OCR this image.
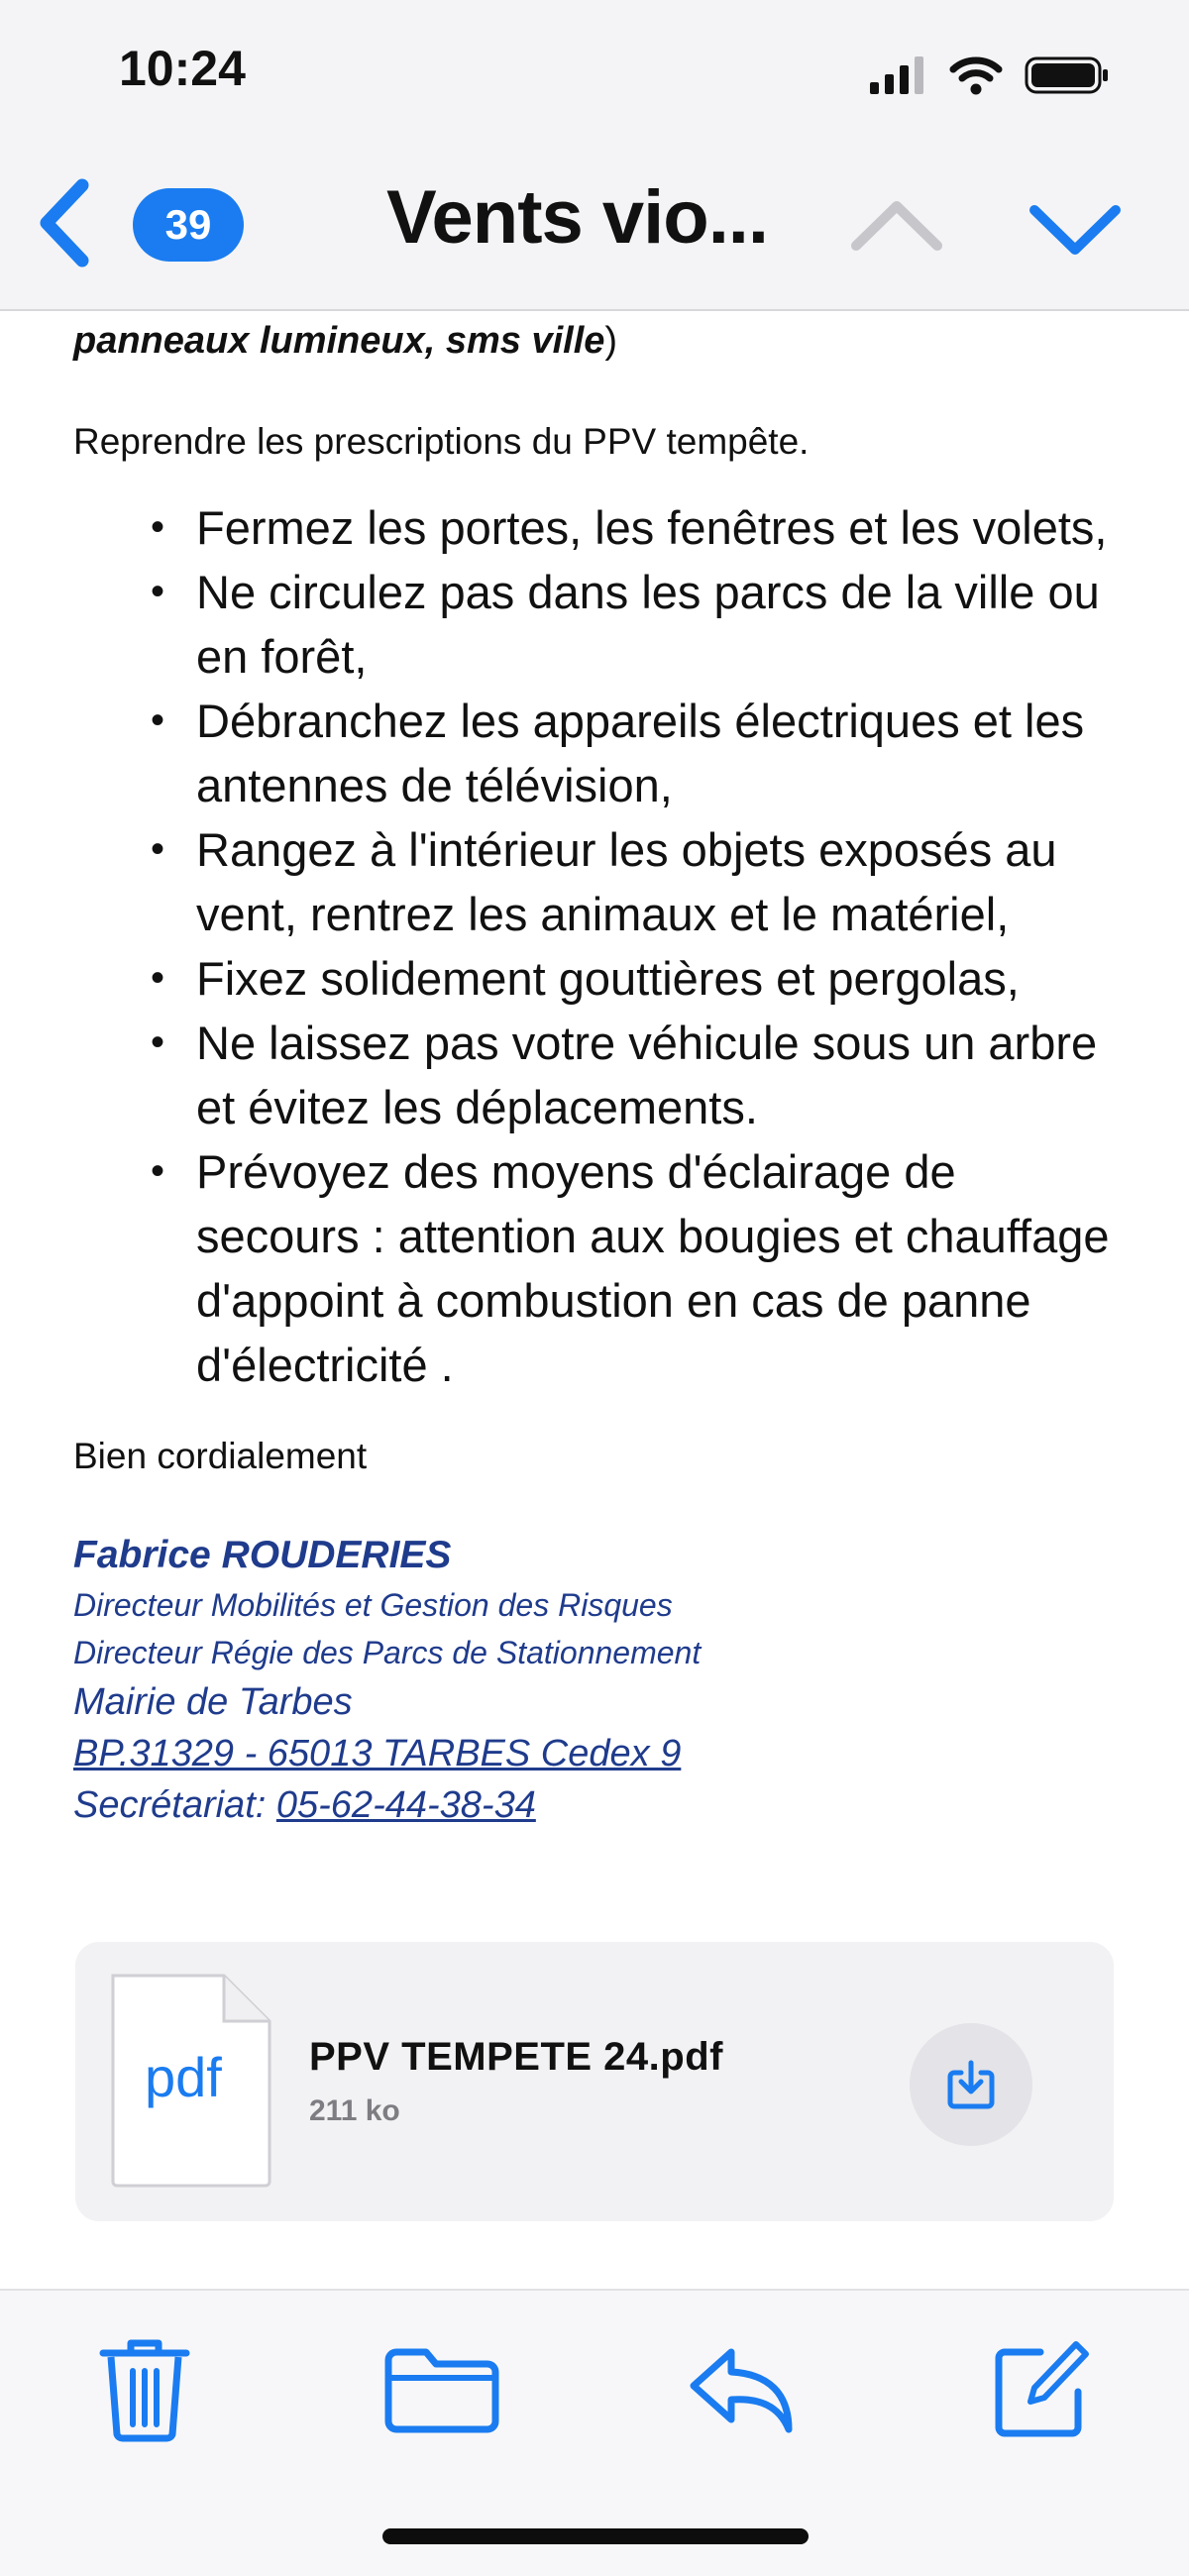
10:24
39	Vents vio...
panneaux lumineux, sms ville)
Reprendre les prescriptions du PPV tempête.
• Fermez les portes, les fenêtres et les volets,
• Ne circulez pas dans les parcs de la ville ou en forêt,
• Débranchez les appareils électriques et les antennes de télévision,
• Rangez à l'intérieur les objets exposés au vent, rentrez les animaux et le matériel,
• Fixez solidement gouttières et pergolas,
• Ne laissez pas votre véhicule sous un arbre et évitez les déplacements.
• Prévoyez des moyens d'éclairage de secours : attention aux bougies et chauffage d'appoint à combustion en cas de panne d'électricité .
Bien cordialement
Fabrice ROUDERIES
Directeur Mobilités et Gestion des Risques
Directeur Régie des Parcs de Stationnement
Mairie de Tarbes
BP.31329 - 65013 TARBES Cedex 9
Secrétariat: 05-62-44-38-34
pdf PPV TEMPETE 24.pdf
211 ko
